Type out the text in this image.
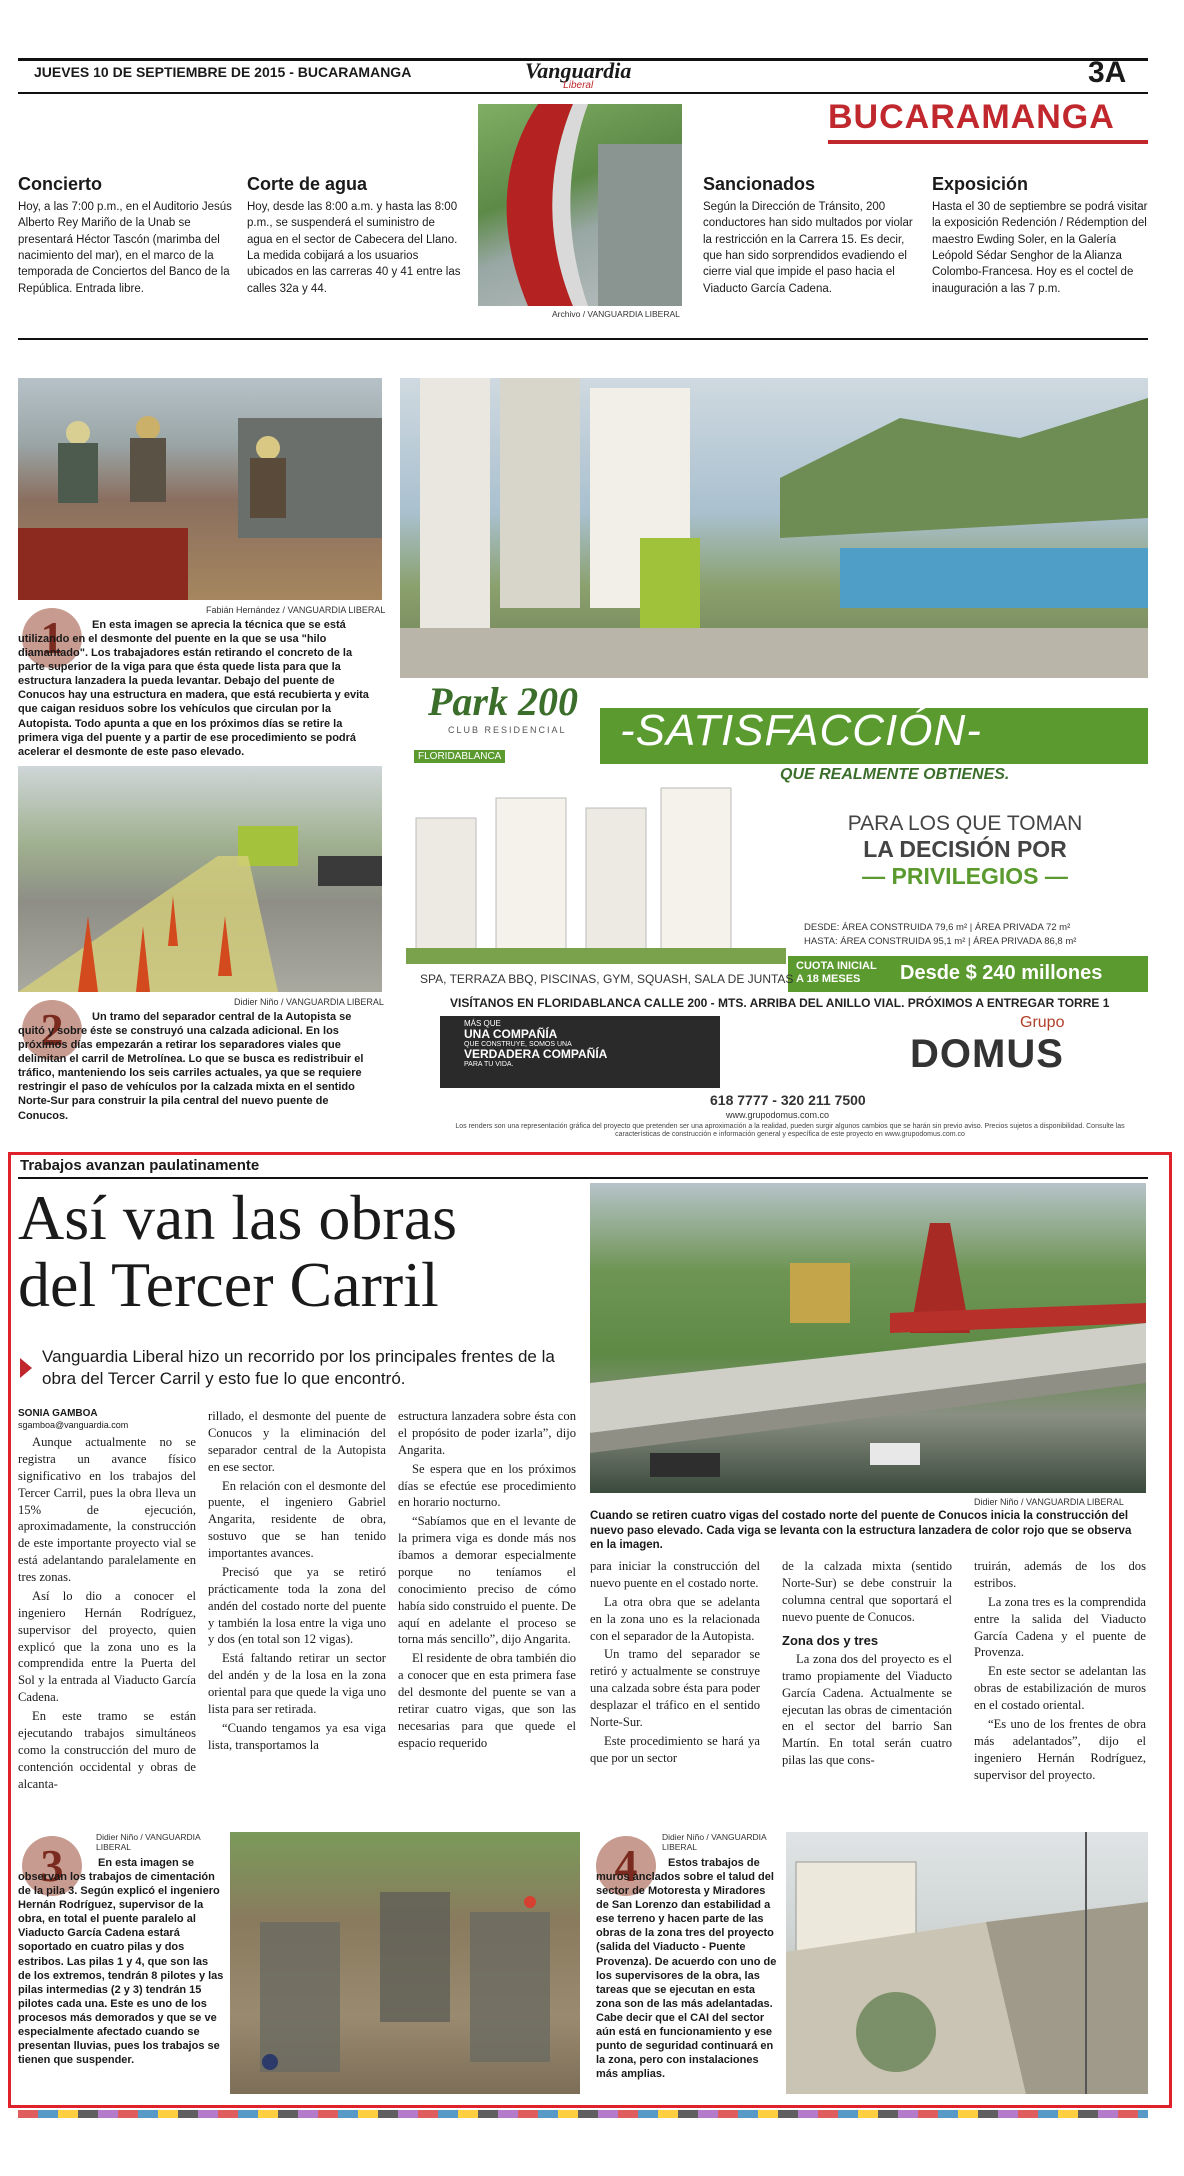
JUEVES 10 DE SEPTIEMBRE DE 2015 - BUCARAMANGA	Vanguardia
Liberal	3A
BUCARAMANGA
Concierto

Hoy, a las 7:00 p.m., en el Auditorio Jesús Alberto Rey Mariño de la Unab se presentará Héctor Tascón (marimba del nacimiento del mar), en el marco de la temporada de Conciertos del Banco de la República. Entrada libre.

Corte de agua

Hoy, desde las 8:00 a.m. y hasta las 8:00 p.m., se suspenderá el suministro de agua en el sector de Cabecera del Llano. La medida cobijará a los usuarios ubicados en las carreras 40 y 41 entre las calles 32a y 44.

Sancionados

Según la Dirección de Tránsito, 200 conductores han sido multados por violar la restricción en la Carrera 15. Es decir, que han sido sorprendidos evadiendo el cierre vial que impide el paso hacia el Viaducto García Cadena.

Exposición

Hasta el 30 de septiembre se podrá visitar la exposición Redención / Rédemption del maestro Ewding Soler, en la Galería Leópold Sédar Senghor de la Alianza Colombo-Francesa. Hoy es el coctel de inauguración a las 7 p.m.

Archivo / VANGUARDIA LIBERAL
Fabián Hernández / VANGUARDIA LIBERAL
1	En esta imagen se aprecia la técnica que se está utilizando en el desmonte del puente en la que se usa "hilo diamantado". Los trabajadores están retirando el concreto de la parte superior de la viga para que ésta quede lista para que la estructura lanzadera la pueda levantar. Debajo del puente de Conucos hay una estructura en madera, que está recubierta y evita que caigan residuos sobre los vehículos que circulan por la Autopista. Todo apunta a que en los próximos días se retire la primera viga del puente y a partir de ese procedimiento se podrá acelerar el desmonte de este paso elevado.
Didier Niño / VANGUARDIA LIBERAL
2	Un tramo del separador central de la Autopista se quitó y sobre éste se construyó una calzada adicional. En los próximos días empezarán a retirar los separadores viales que delimitan el carril de Metrolínea. Lo que se busca es redistribuir el tráfico, manteniendo los seis carriles actuales, ya que se requiere restringir el paso de vehículos por la calzada mixta en el sentido Norte-Sur para construir la pila central del nuevo puente de Conucos.
Park 200
CLUB RESIDENCIAL
FLORIDABLANCA
-SATISFACCIÓN-
QUE REALMENTE OBTIENES.
PARA LOS QUE TOMAN
LA DECISIÓN POR
— PRIVILEGIOS —
DESDE: ÁREA CONSTRUIDA 79,6 m² | ÁREA PRIVADA 72 m²
HASTA: ÁREA CONSTRUIDA 95,1 m² | ÁREA PRIVADA 86,8 m²
CUOTA INICIAL A 18 MESES	Desde $ 240 millones
SPA, TERRAZA BBQ, PISCINAS, GYM, SQUASH, SALA DE JUNTAS
VISÍTANOS EN FLORIDABLANCA CALLE 200 - MTS. ARRIBA DEL ANILLO VIAL. PRÓXIMOS A ENTREGAR TORRE 1
MÁS QUE
UNA COMPAÑÍA
QUE CONSTRUYE, SOMOS UNA
VERDADERA COMPAÑÍA
PARA TU VIDA.
Grupo
DOMUS
618 7777 - 320 211 7500
www.grupodomus.com.co
Los renders son una representación gráfica del proyecto que pretenden ser una aproximación a la realidad, pueden surgir algunos cambios que se harán sin previo aviso. Precios sujetos a disponibilidad. Consulte las características de construcción e información general y específica de este proyecto en www.grupodomus.com.co
Trabajos avanzan paulatinamente
Así van las obras
del Tercer Carril
Vanguardia Liberal hizo un recorrido por los principales frentes de la obra del Tercer Carril y esto fue lo que encontró.
Didier Niño / VANGUARDIA LIBERAL
Cuando se retiren cuatro vigas del costado norte del puente de Conucos inicia la construcción del nuevo paso elevado. Cada viga se levanta con la estructura lanzadera de color rojo que se observa en la imagen.
SONIA GAMBOA
sgamboa@vanguardia.com

Aunque actualmente no se registra un avance físico significativo en los trabajos del Tercer Carril, pues la obra lleva un 15% de ejecución, aproximadamente, la construcción de este importante proyecto vial se está adelantando paralelamente en tres zonas.

Así lo dio a conocer el ingeniero Hernán Rodríguez, supervisor del proyecto, quien explicó que la zona uno es la comprendida entre la Puerta del Sol y la entrada al Viaducto García Cadena.

En este tramo se están ejecutando trabajos simultáneos como la construcción del muro de contención occidental y obras de alcanta-

rillado, el desmonte del puente de Conucos y la eliminación del separador central de la Autopista en ese sector.

En relación con el desmonte del puente, el ingeniero Gabriel Angarita, residente de obra, sostuvo que se han tenido importantes avances.

Precisó que ya se retiró prácticamente toda la zona del andén del costado norte del puente y también la losa entre la viga uno y dos (en total son 12 vigas).

Está faltando retirar un sector del andén y de la losa en la zona oriental para que quede la viga uno lista para ser retirada.

“Cuando tengamos ya esa viga lista, transportamos la

estructura lanzadera sobre ésta con el propósito de poder izarla”, dijo Angarita.

Se espera que en los próximos días se efectúe ese procedimiento en horario nocturno.

“Sabíamos que en el levante de la primera viga es donde más nos íbamos a demorar especialmente porque no teníamos el conocimiento preciso de cómo había sido construido el puente. De aquí en adelante el proceso se torna más sencillo”, dijo Angarita.

El residente de obra también dio a conocer que en esta primera fase del desmonte del puente se van a retirar cuatro vigas, que son las necesarias para que quede el espacio requerido

para iniciar la construcción del nuevo puente en el costado norte.

La otra obra que se adelanta en la zona uno es la relacionada con el separador de la Autopista.

Un tramo del separador se retiró y actualmente se construye una calzada sobre ésta para poder desplazar el tráfico en el sentido Norte-Sur.

Este procedimiento se hará ya que por un sector

de la calzada mixta (sentido Norte-Sur) se debe construir la columna central que soportará el nuevo puente de Conucos.

Zona dos y tres

La zona dos del proyecto es el tramo propiamente del Viaducto García Cadena. Actualmente se ejecutan las obras de cimentación en el sector del barrio San Martín. En total serán cuatro pilas las que cons-

truirán, además de los dos estribos.

La zona tres es la comprendida entre la salida del Viaducto García Cadena y el puente de Provenza.

En este sector se adelantan las obras de estabilización de muros en el costado oriental.

“Es uno de los frentes de obra más adelantados”, dijo el ingeniero Hernán Rodríguez, supervisor del proyecto.

3
Didier Niño / VANGUARDIA LIBERAL
En esta imagen se observan los trabajos de cimentación de la pila 3. Según explicó el ingeniero Hernán Rodríguez, supervisor de la obra, en total el puente paralelo al Viaducto García Cadena estará soportado en cuatro pilas y dos estribos. Las pilas 1 y 4, que son las de los extremos, tendrán 8 pilotes y las pilas intermedias (2 y 3) tendrán 15 pilotes cada una. Este es uno de los procesos más demorados y que se ve especialmente afectado cuando se presentan lluvias, pues los trabajos se tienen que suspender.
4
Didier Niño / VANGUARDIA LIBERAL
Estos trabajos de muros anclados sobre el talud del sector de Motoresta y Miradores de San Lorenzo dan estabilidad a ese terreno y hacen parte de las obras de la zona tres del proyecto (salida del Viaducto - Puente Provenza). De acuerdo con uno de los supervisores de la obra, las tareas que se ejecutan en esta zona son de las más adelantadas. Cabe decir que el CAI del sector aún está en funcionamiento y ese punto de seguridad continuará en la zona, pero con instalaciones más amplias.
